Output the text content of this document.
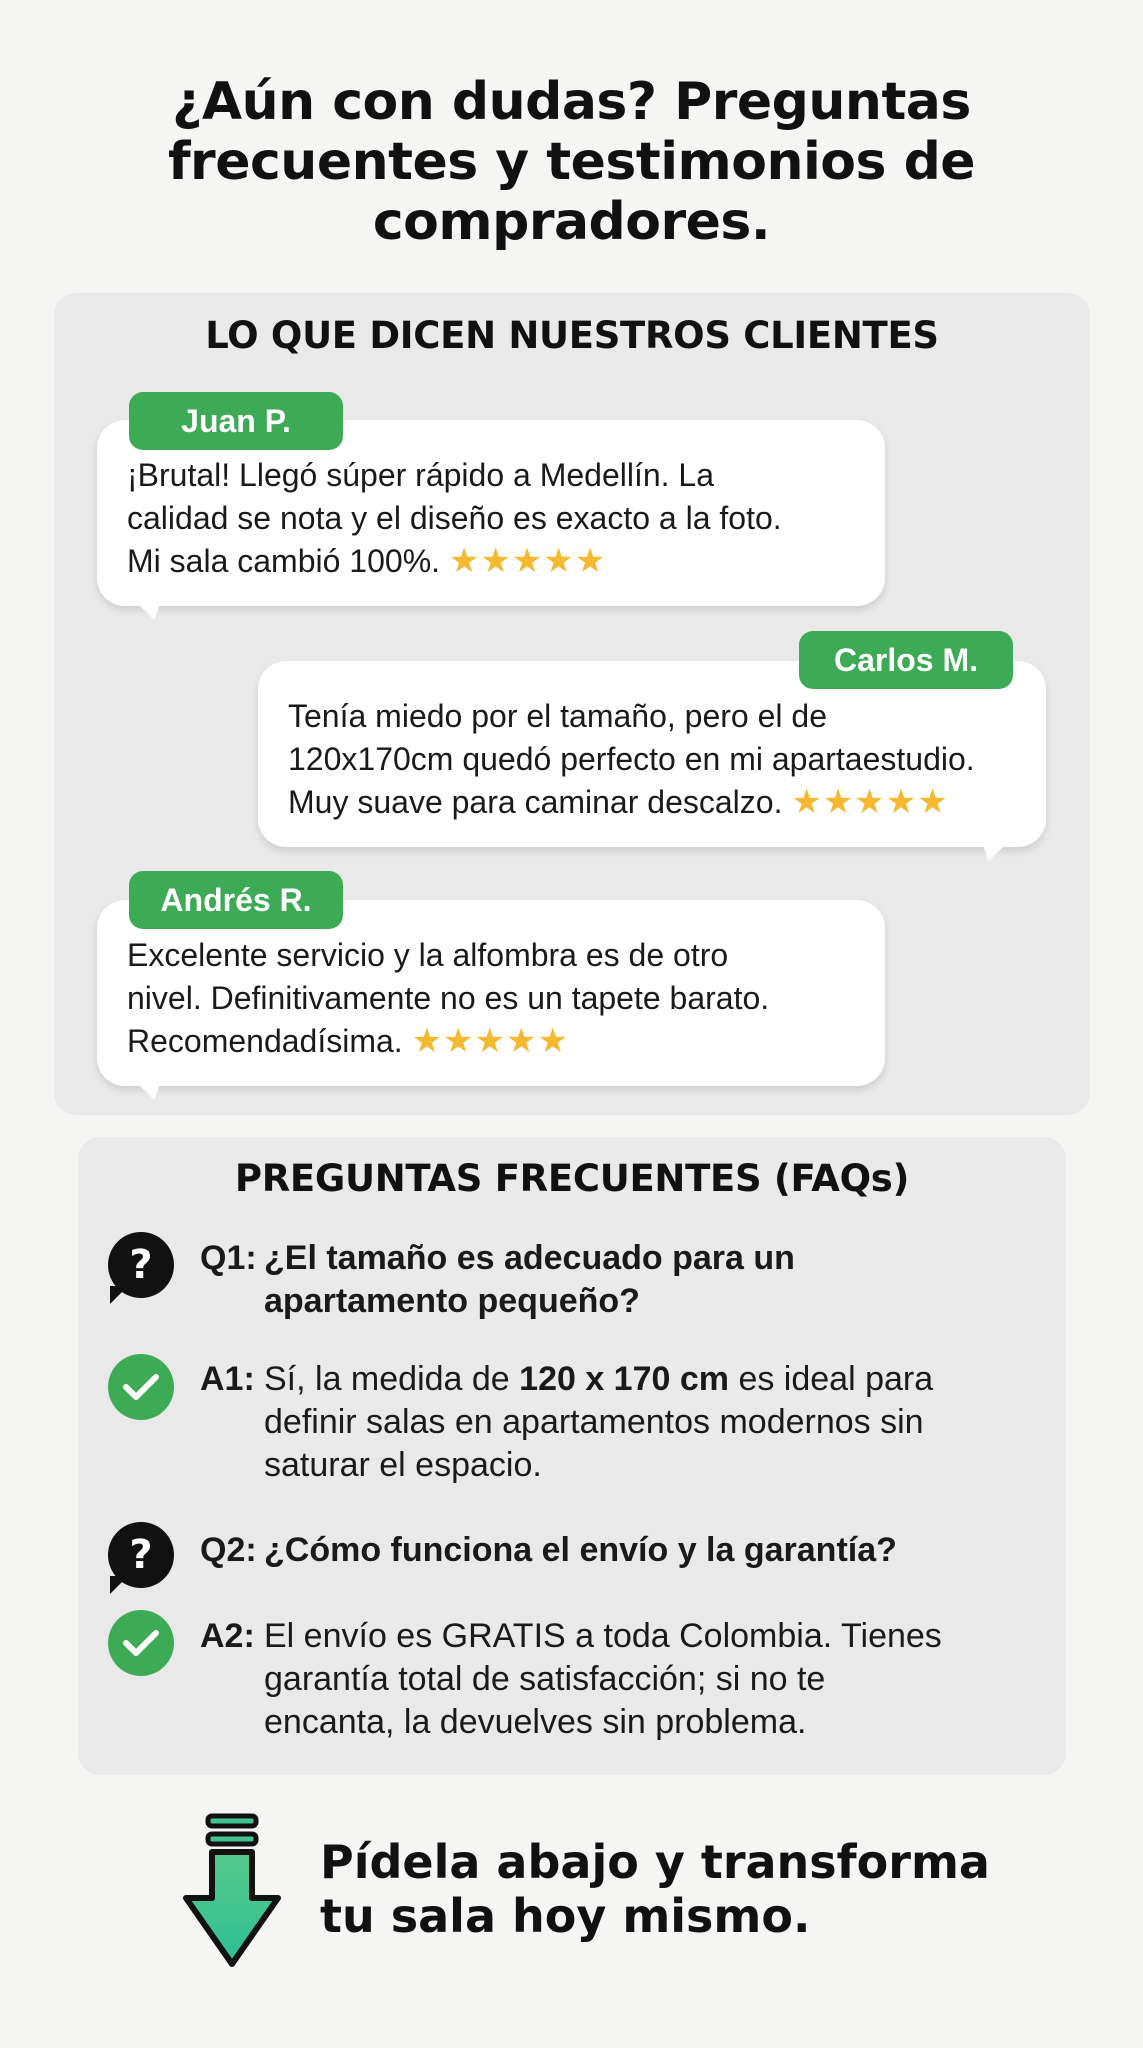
¿Aún con dudas? Preguntas
frecuentes y testimonios de
compradores.
LO QUE DICEN NUESTROS CLIENTES
¡Brutal! Llegó súper rápido a Medellín. La
calidad se nota y el diseño es exacto a la foto.
Mi sala cambió 100%. ★★★★★
Juan P.
Tenía miedo por el tamaño, pero el de
120x170cm quedó perfecto en mi apartaestudio.
Muy suave para caminar descalzo. ★★★★★
Carlos M.
Excelente servicio y la alfombra es de otro
nivel. Definitivamente no es un tapete barato.
Recomendadísima. ★★★★★
Andrés R.
PREGUNTAS FRECUENTES (FAQs)
?	Q1: ¿El tamaño es adecuado para un
apartamento pequeño?
A1: Sí, la medida de 120 x 170 cm es ideal para
definir salas en apartamentos modernos sin
saturar el espacio.
?	Q2: ¿Cómo funciona el envío y la garantía?
A2: El envío es GRATIS a toda Colombia. Tienes
garantía total de satisfacción; si no te
encanta, la devuelves sin problema.
Pídela abajo y transforma
tu sala hoy mismo.
